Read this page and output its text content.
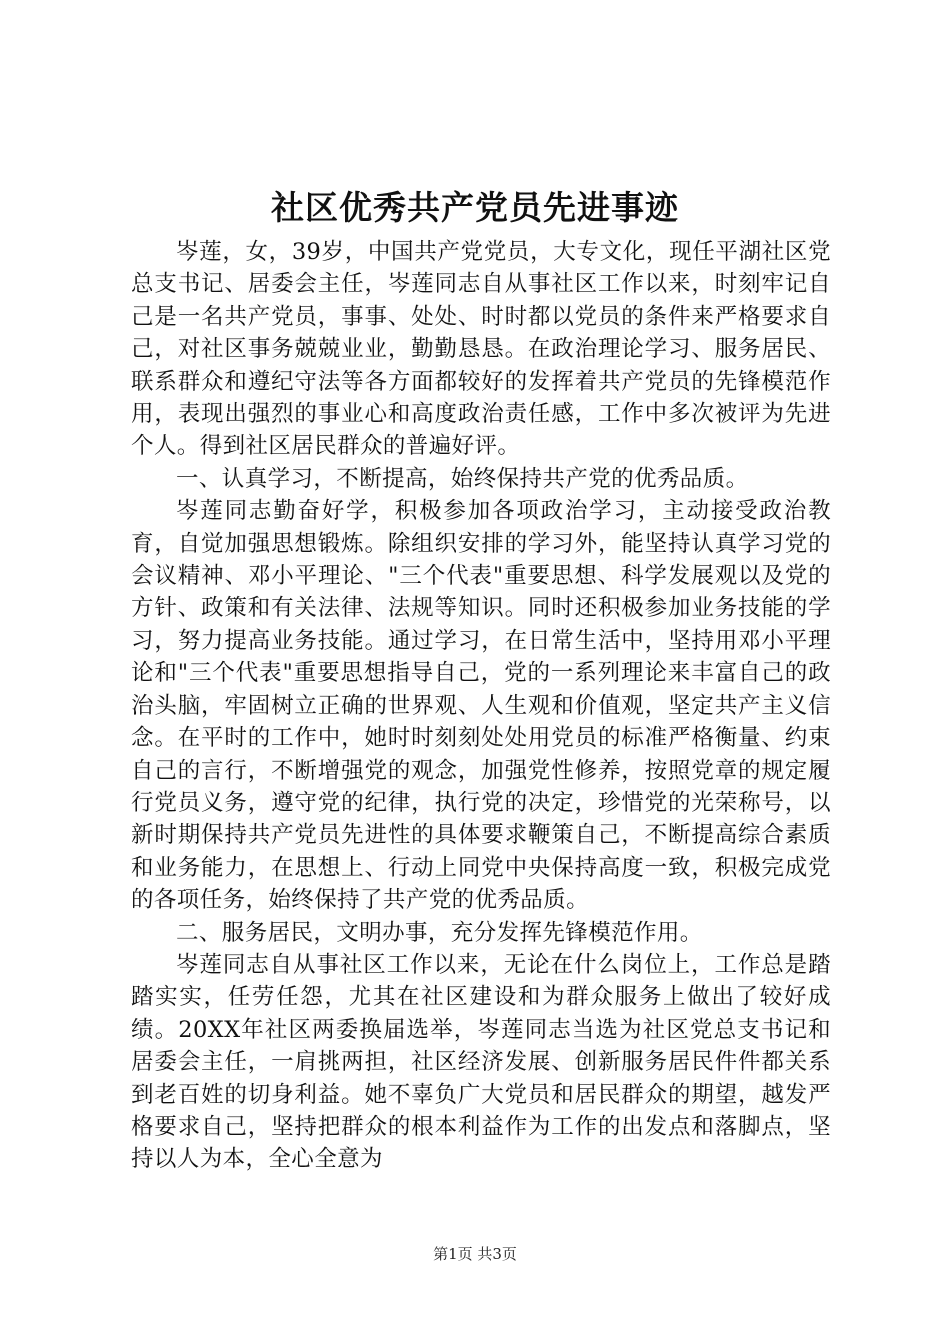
社区优秀共产党员先进事迹

岑莲，女，39岁，中国共产党党员，大专文化，现任平湖社区党总支书记、居委会主任，岑莲同志自从事社区工作以来，时刻牢记自己是一名共产党员，事事、处处、时时都以党员的条件来严格要求自己，对社区事务兢兢业业，勤勤恳恳。在政治理论学习、服务居民、联系群众和遵纪守法等各方面都较好的发挥着共产党员的先锋模范作用，表现出强烈的事业心和高度政治责任感，工作中多次被评为先进个人。得到社区居民群众的普遍好评。

一、认真学习，不断提高，始终保持共产党的优秀品质。

岑莲同志勤奋好学，积极参加各项政治学习，主动接受政治教育，自觉加强思想锻炼。除组织安排的学习外，能坚持认真学习党的会议精神、邓小平理论、"三个代表"重要思想、科学发展观以及党的方针、政策和有关法律、法规等知识。同时还积极参加业务技能的学习，努力提高业务技能。通过学习，在日常生活中，坚持用邓小平理论和"三个代表"重要思想指导自己，党的一系列理论来丰富自己的政治头脑，牢固树立正确的世界观、人生观和价值观，坚定共产主义信念。在平时的工作中，她时时刻刻处处用党员的标准严格衡量、约束自己的言行，不断增强党的观念，加强党性修养，按照党章的规定履行党员义务，遵守党的纪律，执行党的决定，珍惜党的光荣称号，以新时期保持共产党员先进性的具体要求鞭策自己，不断提高综合素质和业务能力，在思想上、行动上同党中央保持高度一致，积极完成党的各项任务，始终保持了共产党的优秀品质。

二、服务居民，文明办事，充分发挥先锋模范作用。

岑莲同志自从事社区工作以来，无论在什么岗位上，工作总是踏踏实实，任劳任怨，尤其在社区建设和为群众服务上做出了较好成绩。20XX年社区两委换届选举，岑莲同志当选为社区党总支书记和居委会主任，一肩挑两担，社区经济发展、创新服务居民件件都关系到老百姓的切身利益。她不辜负广大党员和居民群众的期望，越发严格要求自己，坚持把群众的根本利益作为工作的出发点和落脚点，坚持以人为本，全心全意为

第1页 共3页
